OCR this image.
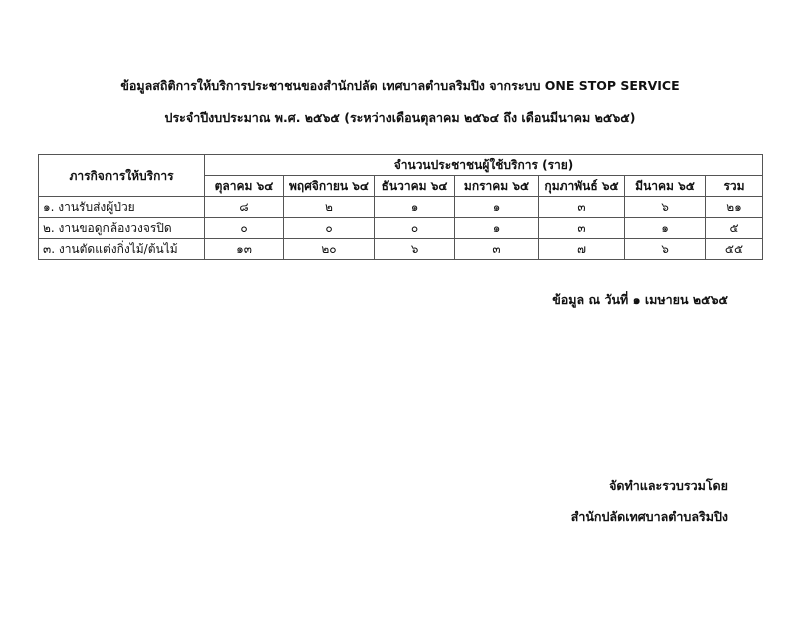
ข้อมูลสถิติการให้บริการประชาชนของสำนักปลัด เทศบาลตำบลริมปิง จากระบบ ONE STOP SERVICE
ประจำปีงบประมาณ พ.ศ. ๒๕๖๕ (ระหว่างเดือนตุลาคม ๒๕๖๔ ถึง เดือนมีนาคม ๒๕๖๕)
ภารกิจการให้บริการ	จำนวนประชาชนผู้ใช้บริการ (ราย)						
	ตุลาคม ๖๔	พฤศจิกายน ๖๔	ธันวาคม ๖๔	มกราคม ๖๕	กุมภาพันธ์ ๖๕	มีนาคม ๖๕	รวม
๑. งานรับส่งผู้ป่วย	๘	๒	๑	๑	๓	๖	๒๑
๒. งานขอดูกล้องวงจรปิด	๐	๐	๐	๑	๓	๑	๕
๓. งานตัดแต่งกิ่งไม้/ต้นไม้	๑๓	๒๐	๖	๓	๗	๖	๕๕
ข้อมูล ณ วันที่ ๑ เมษายน ๒๕๖๕
จัดทำและรวบรวมโดย
สำนักปลัดเทศบาลตำบลริมปิง
